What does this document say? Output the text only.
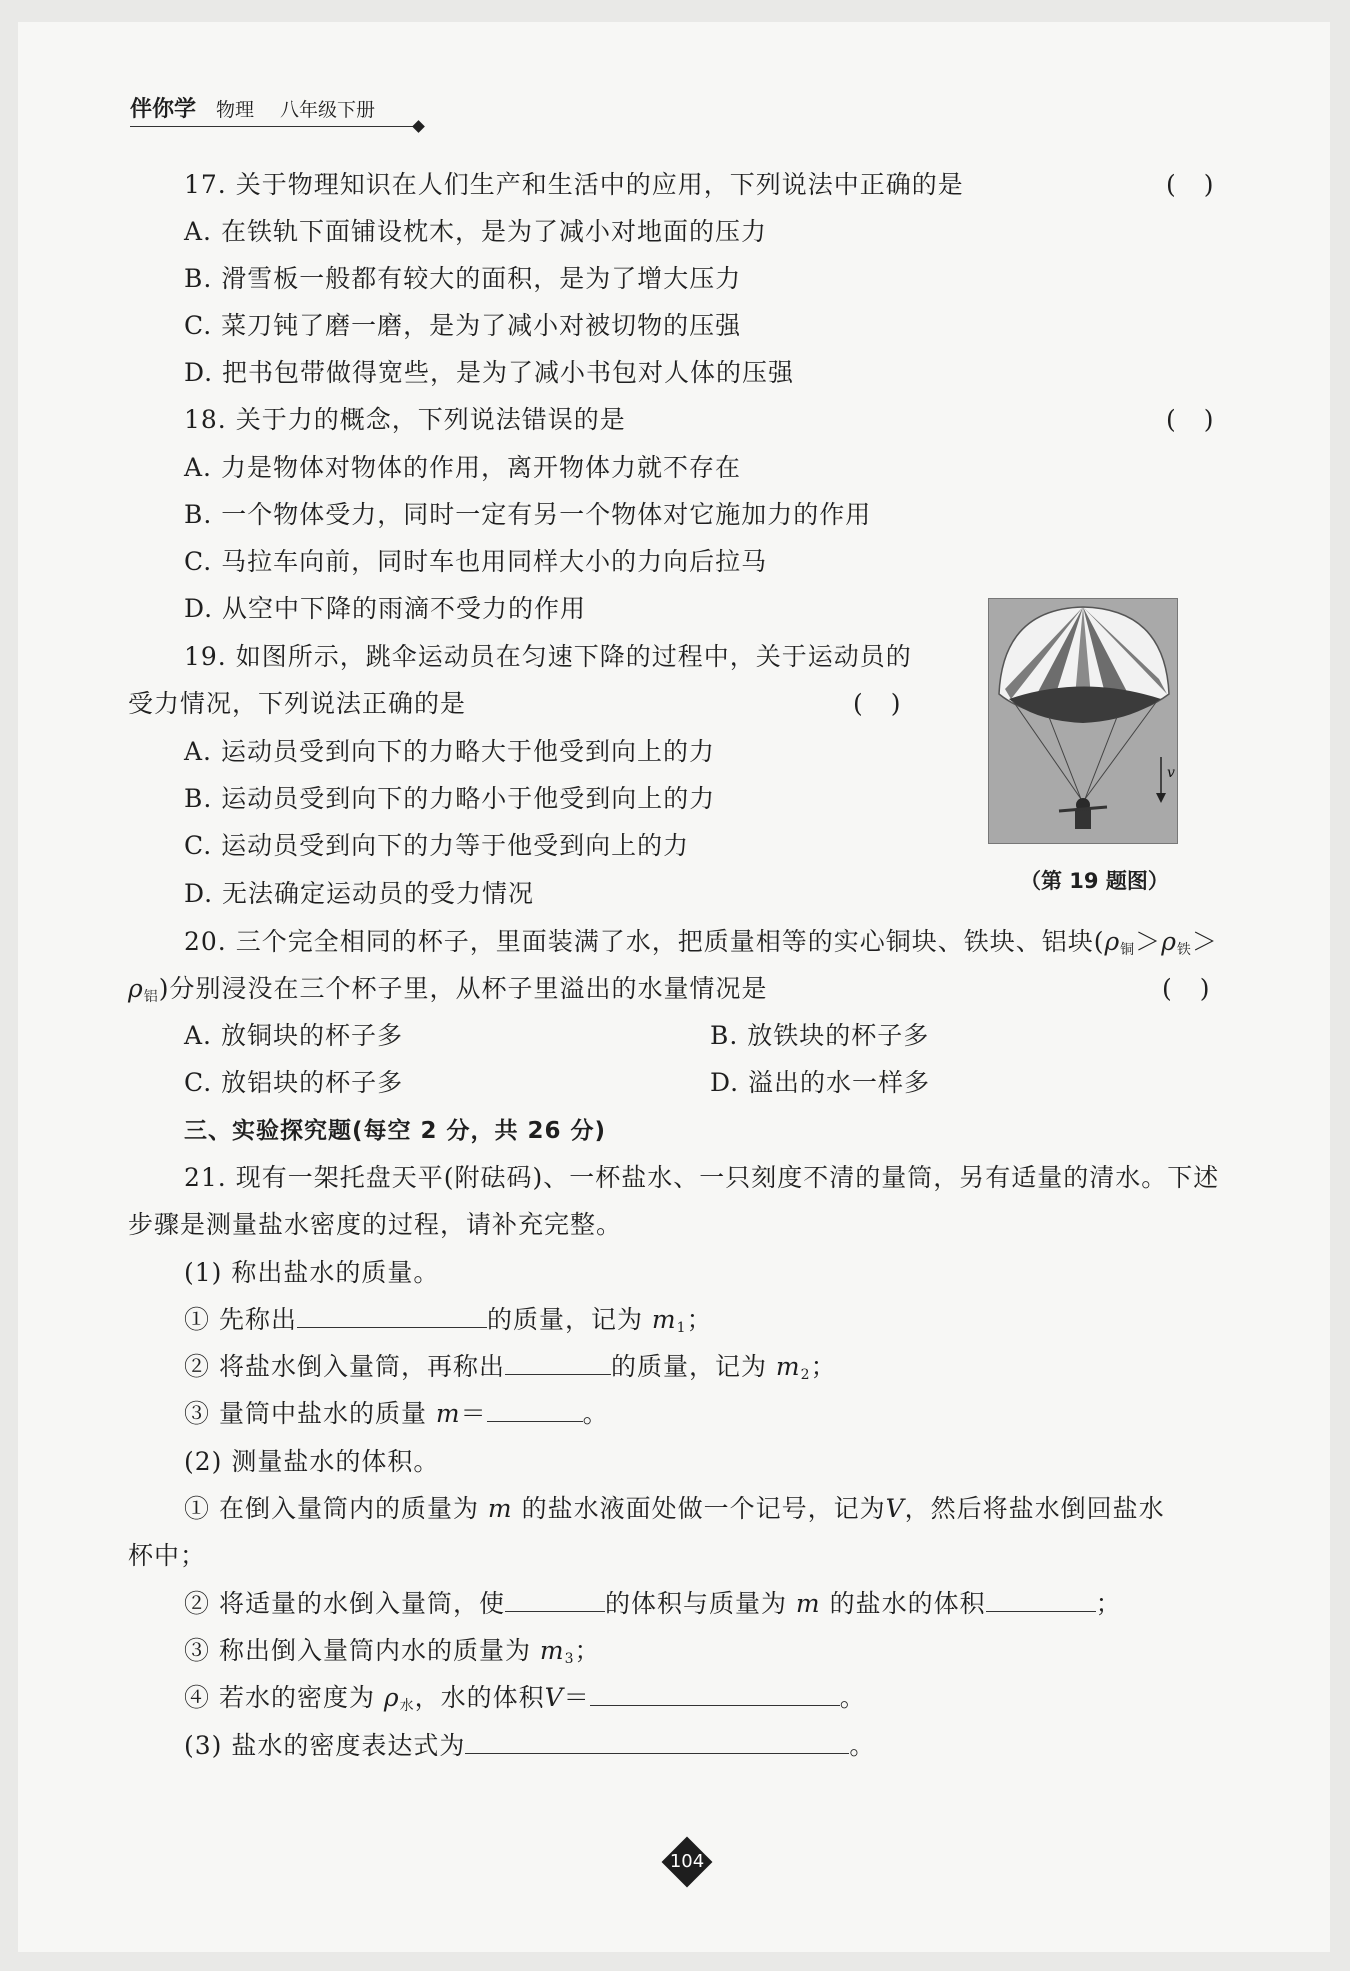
伴你学 物理 八年级下册
17. 关于物理知识在人们生产和生活中的应用，下列说法中正确的是	()
A. 在铁轨下面铺设枕木，是为了减小对地面的压力
B. 滑雪板一般都有较大的面积，是为了增大压力
C. 菜刀钝了磨一磨，是为了减小对被切物的压强
D. 把书包带做得宽些，是为了减小书包对人体的压强
18. 关于力的概念，下列说法错误的是	()
A. 力是物体对物体的作用，离开物体力就不存在
B. 一个物体受力，同时一定有另一个物体对它施加力的作用
C. 马拉车向前，同时车也用同样大小的力向后拉马
D. 从空中下降的雨滴不受力的作用
19. 如图所示，跳伞运动员在匀速下降的过程中，关于运动员的
受力情况，下列说法正确的是	()
A. 运动员受到向下的力略大于他受到向上的力
B. 运动员受到向下的力略小于他受到向上的力
C. 运动员受到向下的力等于他受到向上的力
D. 无法确定运动员的受力情况
v
（第 19 题图）
20. 三个完全相同的杯子，里面装满了水，把质量相等的实心铜块、铁块、铝块($\rho_铜>\rho_铁>$
$\rho_铝$)分别浸没在三个杯子里，从杯子里溢出的水量情况是	()
A. 放铜块的杯子多	B. 放铁块的杯子多
C. 放铝块的杯子多	D. 溢出的水一样多
三、实验探究题(每空 2 分，共 26 分)
21. 现有一架托盘天平(附砝码)、一杯盐水、一只刻度不清的量筒，另有适量的清水。下述
步骤是测量盐水密度的过程，请补充完整。
(1) 称出盐水的质量。
① 先称出	的质量，记为 $m_1$；
② 将盐水倒入量筒，再称出	的质量，记为 $m_2$；
③ 量筒中盐水的质量 m＝	。
(2) 测量盐水的体积。
① 在倒入量筒内的质量为 m 的盐水液面处做一个记号，记为V，然后将盐水倒回盐水
杯中；
② 将适量的水倒入量筒，使	的体积与质量为 m 的盐水的体积	；
③ 称出倒入量筒内水的质量为 $m_3$；
④ 若水的密度为 $\rho_水$，水的体积V＝	。
(3) 盐水的密度表达式为	。
104
